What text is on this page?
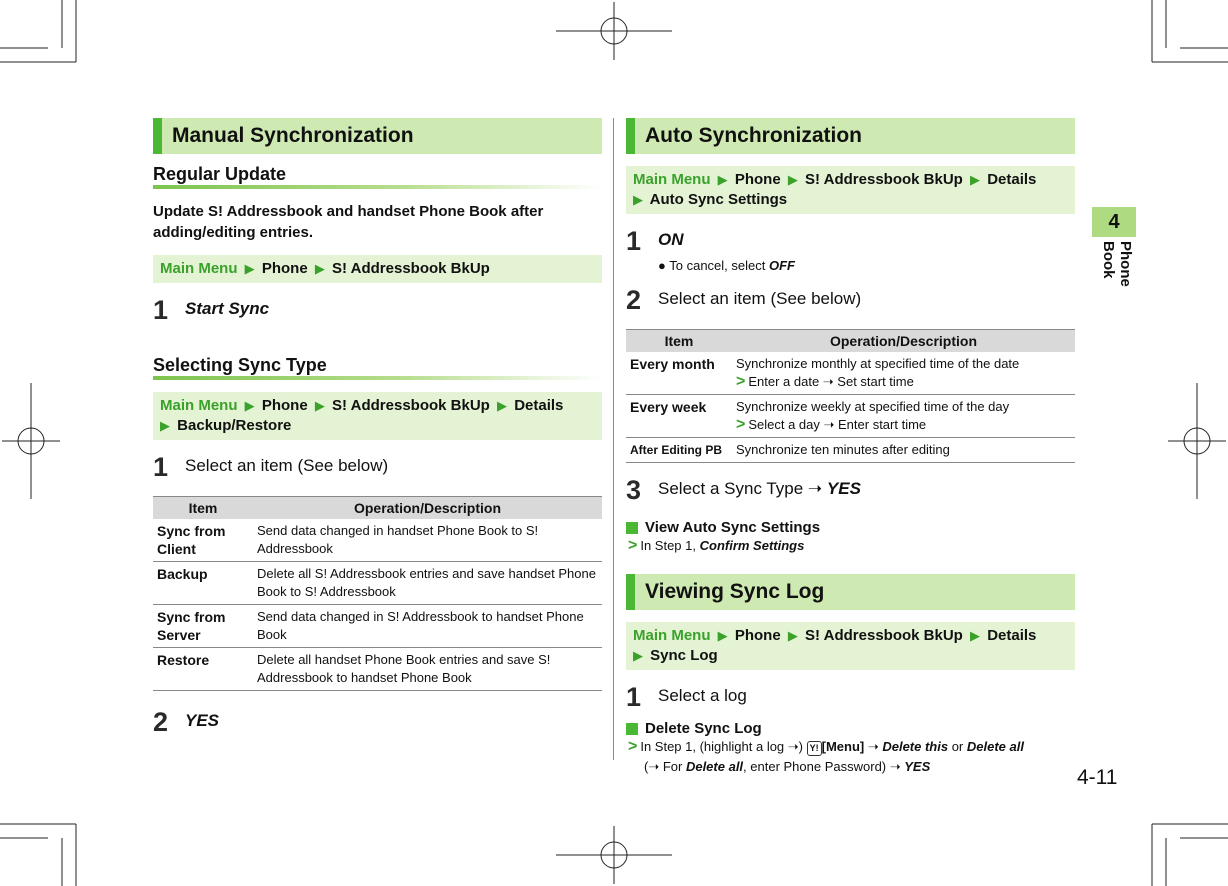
Manual Synchronization
Regular Update
Update S! Addressbook and handset Phone Book after adding/editing entries.
Main Menu ▶ Phone ▶ S! Addressbook BkUp
1 Start Sync
Selecting Sync Type
Main Menu ▶ Phone ▶ S! Addressbook BkUp ▶ Details
▶ Backup/Restore
1 Select an item (See below)
Item	Operation/Description
Sync from Client	Send data changed in handset Phone Book to S! Addressbook
Backup	Delete all S! Addressbook entries and save handset Phone Book to S! Addressbook
Sync from Server	Send data changed in S! Addressbook to handset Phone Book
Restore	Delete all handset Phone Book entries and save S! Addressbook to handset Phone Book
2 YES
Auto Synchronization
Main Menu ▶ Phone ▶ S! Addressbook BkUp ▶ Details
▶ Auto Sync Settings
1 ON
● To cancel, select OFF
2 Select an item (See below)
Item	Operation/Description
Every month	Synchronize monthly at specified time of the date
> Enter a date ➝ Set start time

Every week	Synchronize weekly at specified time of the day
> Select a day ➝ Enter start time

After Editing PB	Synchronize ten minutes after editing
3 Select a Sync Type ➝ YES
View Auto Sync Settings
> In Step 1, Confirm Settings
Viewing Sync Log
Main Menu ▶ Phone ▶ S! Addressbook BkUp ▶ Details
▶ Sync Log
1 Select a log
Delete Sync Log
> In Step 1, (highlight a log ➝) Y! [Menu] ➝ Delete this or Delete all
(➝ For Delete all, enter Phone Password) ➝ YES
4
Phone Book
4-11
